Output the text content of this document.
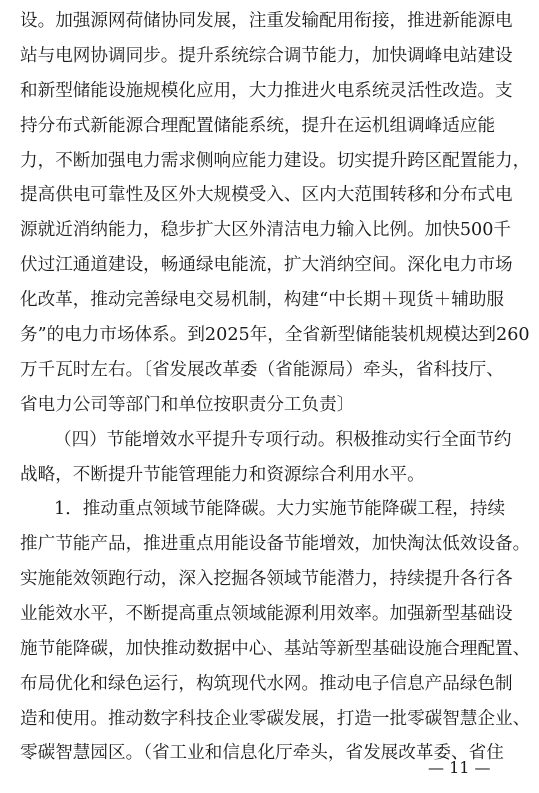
设。加强源网荷储协同发展，注重发输配用衔接，推进新能源电
站与电网协调同步。提升系统综合调节能力，加快调峰电站建设
和新型储能设施规模化应用，大力推进火电系统灵活性改造。支
持分布式新能源合理配置储能系统，提升在运机组调峰适应能
力，不断加强电力需求侧响应能力建设。切实提升跨区配置能力，
提高供电可靠性及区外大规模受入、区内大范围转移和分布式电
源就近消纳能力，稳步扩大区外清洁电力输入比例。加快500千
伏过江通道建设，畅通绿电能流，扩大消纳空间。深化电力市场
化改革，推动完善绿电交易机制，构建“中长期＋现货＋辅助服
务”的电力市场体系。到2025年，全省新型储能装机规模达到260
万千瓦时左右。〔省发展改革委（省能源局）牵头，省科技厅、
省电力公司等部门和单位按职责分工负责〕
（四）节能增效水平提升专项行动。积极推动实行全面节约
战略，不断提升节能管理能力和资源综合利用水平。
1．推动重点领域节能降碳。大力实施节能降碳工程，持续
推广节能产品，推进重点用能设备节能增效，加快淘汰低效设备。
实施能效领跑行动，深入挖掘各领域节能潜力，持续提升各行各
业能效水平，不断提高重点领域能源利用效率。加强新型基础设
施节能降碳，加快推动数据中心、基站等新型基础设施合理配置、
布局优化和绿色运行，构筑现代水网。推动电子信息产品绿色制
造和使用。推动数字科技企业零碳发展，打造一批零碳智慧企业、
零碳智慧园区。（省工业和信息化厅牵头，省发展改革委、省住
— 11 —
